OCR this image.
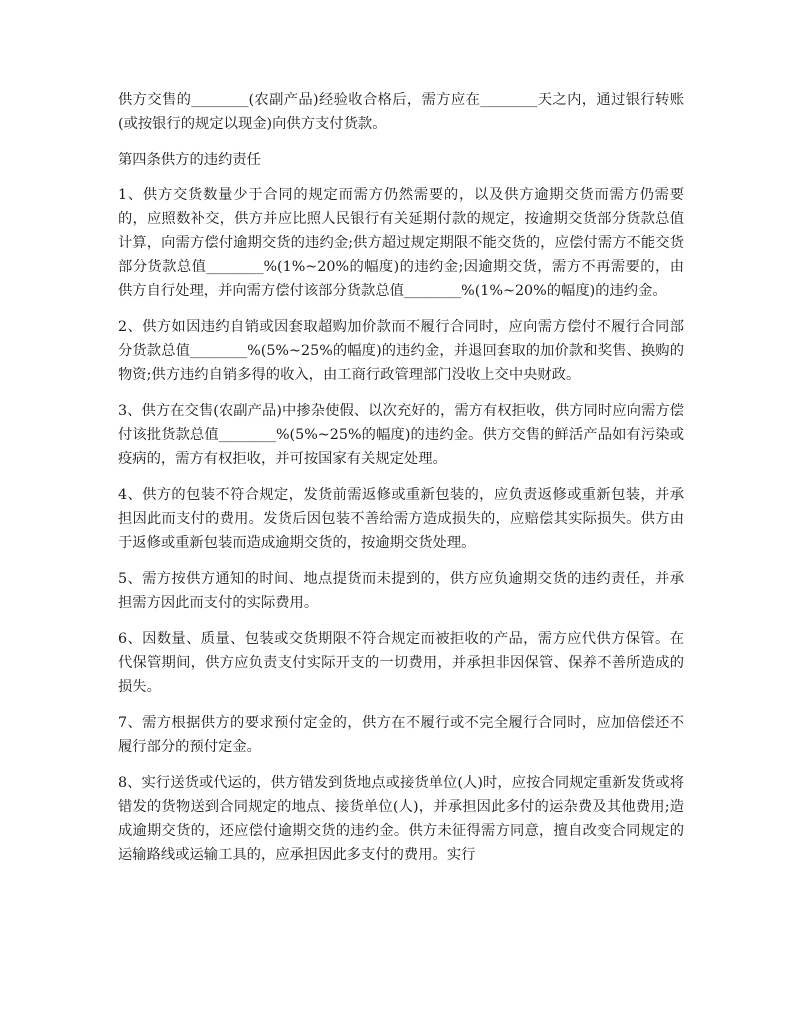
供方交售的________(农副产品)经验收合格后，需方应在________天之内，通过银行转账(或按银行的规定以现金)向供方支付货款。

第四条供方的违约责任

1、供方交货数量少于合同的规定而需方仍然需要的，以及供方逾期交货而需方仍需要的，应照数补交，供方并应比照人民银行有关延期付款的规定，按逾期交货部分货款总值计算，向需方偿付逾期交货的违约金;供方超过规定期限不能交货的，应偿付需方不能交货部分货款总值________%(1%~20%的幅度)的违约金;因逾期交货，需方不再需要的，由供方自行处理，并向需方偿付该部分货款总值________%(1%~20%的幅度)的违约金。

2、供方如因违约自销或因套取超购加价款而不履行合同时，应向需方偿付不履行合同部分货款总值________%(5%~25%的幅度)的违约金，并退回套取的加价款和奖售、换购的物资;供方违约自销多得的收入，由工商行政管理部门没收上交中央财政。

3、供方在交售(农副产品)中掺杂使假、以次充好的，需方有权拒收，供方同时应向需方偿付该批货款总值________%(5%~25%的幅度)的违约金。供方交售的鲜活产品如有污染或疫病的，需方有权拒收，并可按国家有关规定处理。

4、供方的包装不符合规定，发货前需返修或重新包装的，应负责返修或重新包装，并承担因此而支付的费用。发货后因包装不善给需方造成损失的，应赔偿其实际损失。供方由于返修或重新包装而造成逾期交货的，按逾期交货处理。

5、需方按供方通知的时间、地点提货而未提到的，供方应负逾期交货的违约责任，并承担需方因此而支付的实际费用。

6、因数量、质量、包装或交货期限不符合规定而被拒收的产品，需方应代供方保管。在代保管期间，供方应负责支付实际开支的一切费用，并承担非因保管、保养不善所造成的损失。

7、需方根据供方的要求预付定金的，供方在不履行或不完全履行合同时，应加倍偿还不履行部分的预付定金。

8、实行送货或代运的，供方错发到货地点或接货单位(人)时，应按合同规定重新发货或将错发的货物送到合同规定的地点、接货单位(人)，并承担因此多付的运杂费及其他费用;造成逾期交货的，还应偿付逾期交货的违约金。供方未征得需方同意，擅自改变合同规定的运输路线或运输工具的，应承担因此多支付的费用。实行
